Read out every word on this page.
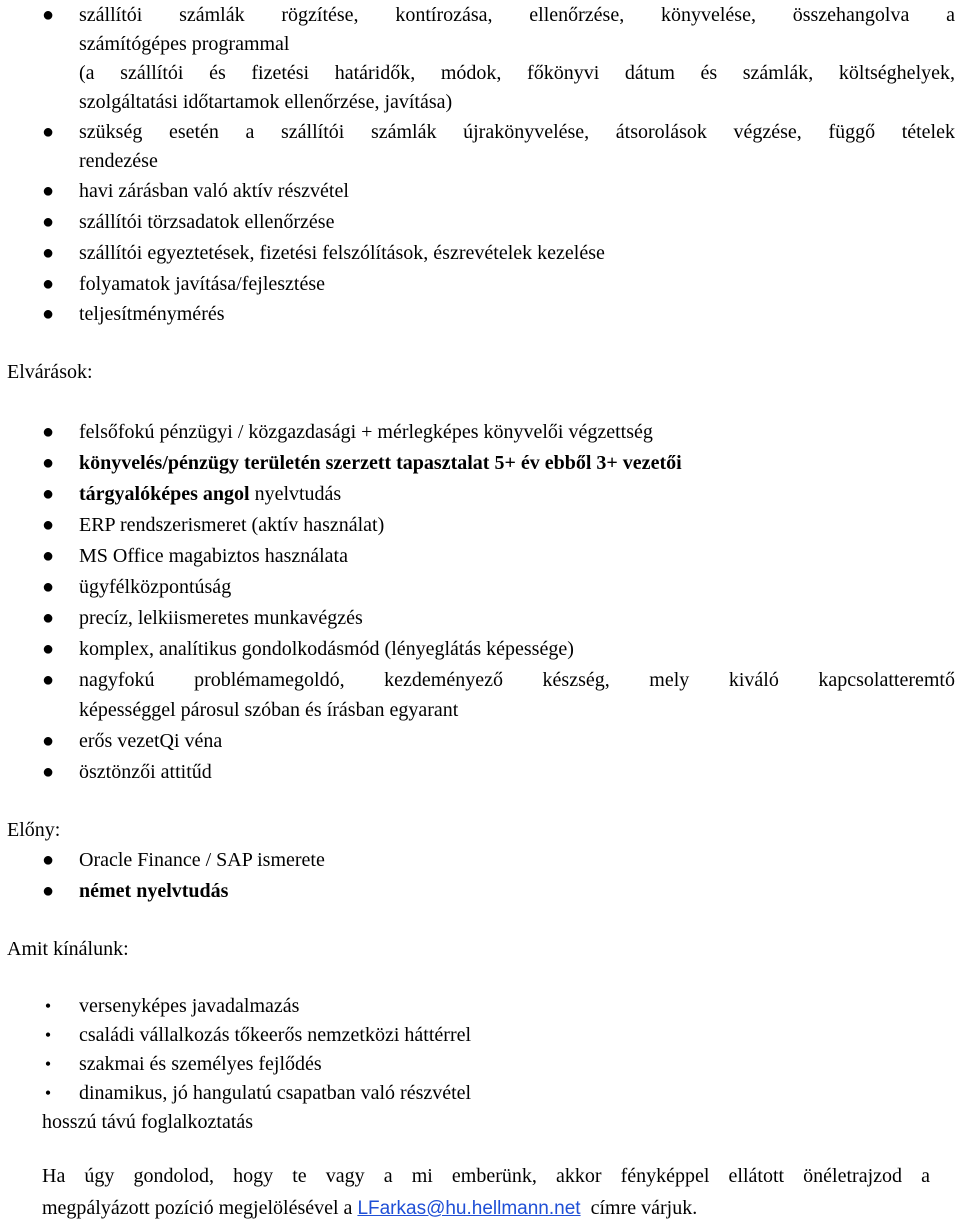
● szállítói számlák rögzítése, kontírozása, ellenőrzése, könyvelése, összehangolva a
számítógépes programmal
(a szállítói és fizetési határidők, módok, főkönyvi dátum és számlák, költséghelyek,
szolgáltatási időtartamok ellenőrzése, javítása)
● szükség esetén a szállítói számlák újrakönyvelése, átsorolások végzése, függő tételek
rendezése
● havi zárásban való aktív részvétel
● szállítói törzsadatok ellenőrzése
● szállítói egyeztetések, fizetési felszólítások, észrevételek kezelése
● folyamatok javítása/fejlesztése
● teljesítménymérés
Elvárások:
● felsőfokú pénzügyi / közgazdasági + mérlegképes könyvelői végzettség
● könyvelés/pénzügy területén szerzett tapasztalat 5+ év ebből 3+ vezetői
● tárgyalóképes angol nyelvtudás
● ERP rendszerismeret (aktív használat)
● MS Office magabiztos használata
● ügyfélközpontúság
● precíz, lelkiismeretes munkavégzés
● komplex, analítikus gondolkodásmód (lényeglátás képessége)
● nagyfokú problémamegoldó, kezdeményező készség, mely kiváló kapcsolatteremtő
képességgel párosul szóban és írásban egyarant
● erős vezetQi véna
● ösztönzői attitűd
Előny:
● Oracle Finance / SAP ismerete
● német nyelvtudás
Amit kínálunk:
• versenyképes javadalmazás
• családi vállalkozás tőkeerős nemzetközi háttérrel
• szakmai és személyes fejlődés
• dinamikus, jó hangulatú csapatban való részvétel
hosszú távú foglalkoztatás
Ha úgy gondolod, hogy te vagy a mi emberünk, akkor fényképpel ellátott önéletrajzod a
megpályázott pozíció megjelölésével a LFarkas@hu.hellmann.net  címre várjuk.
